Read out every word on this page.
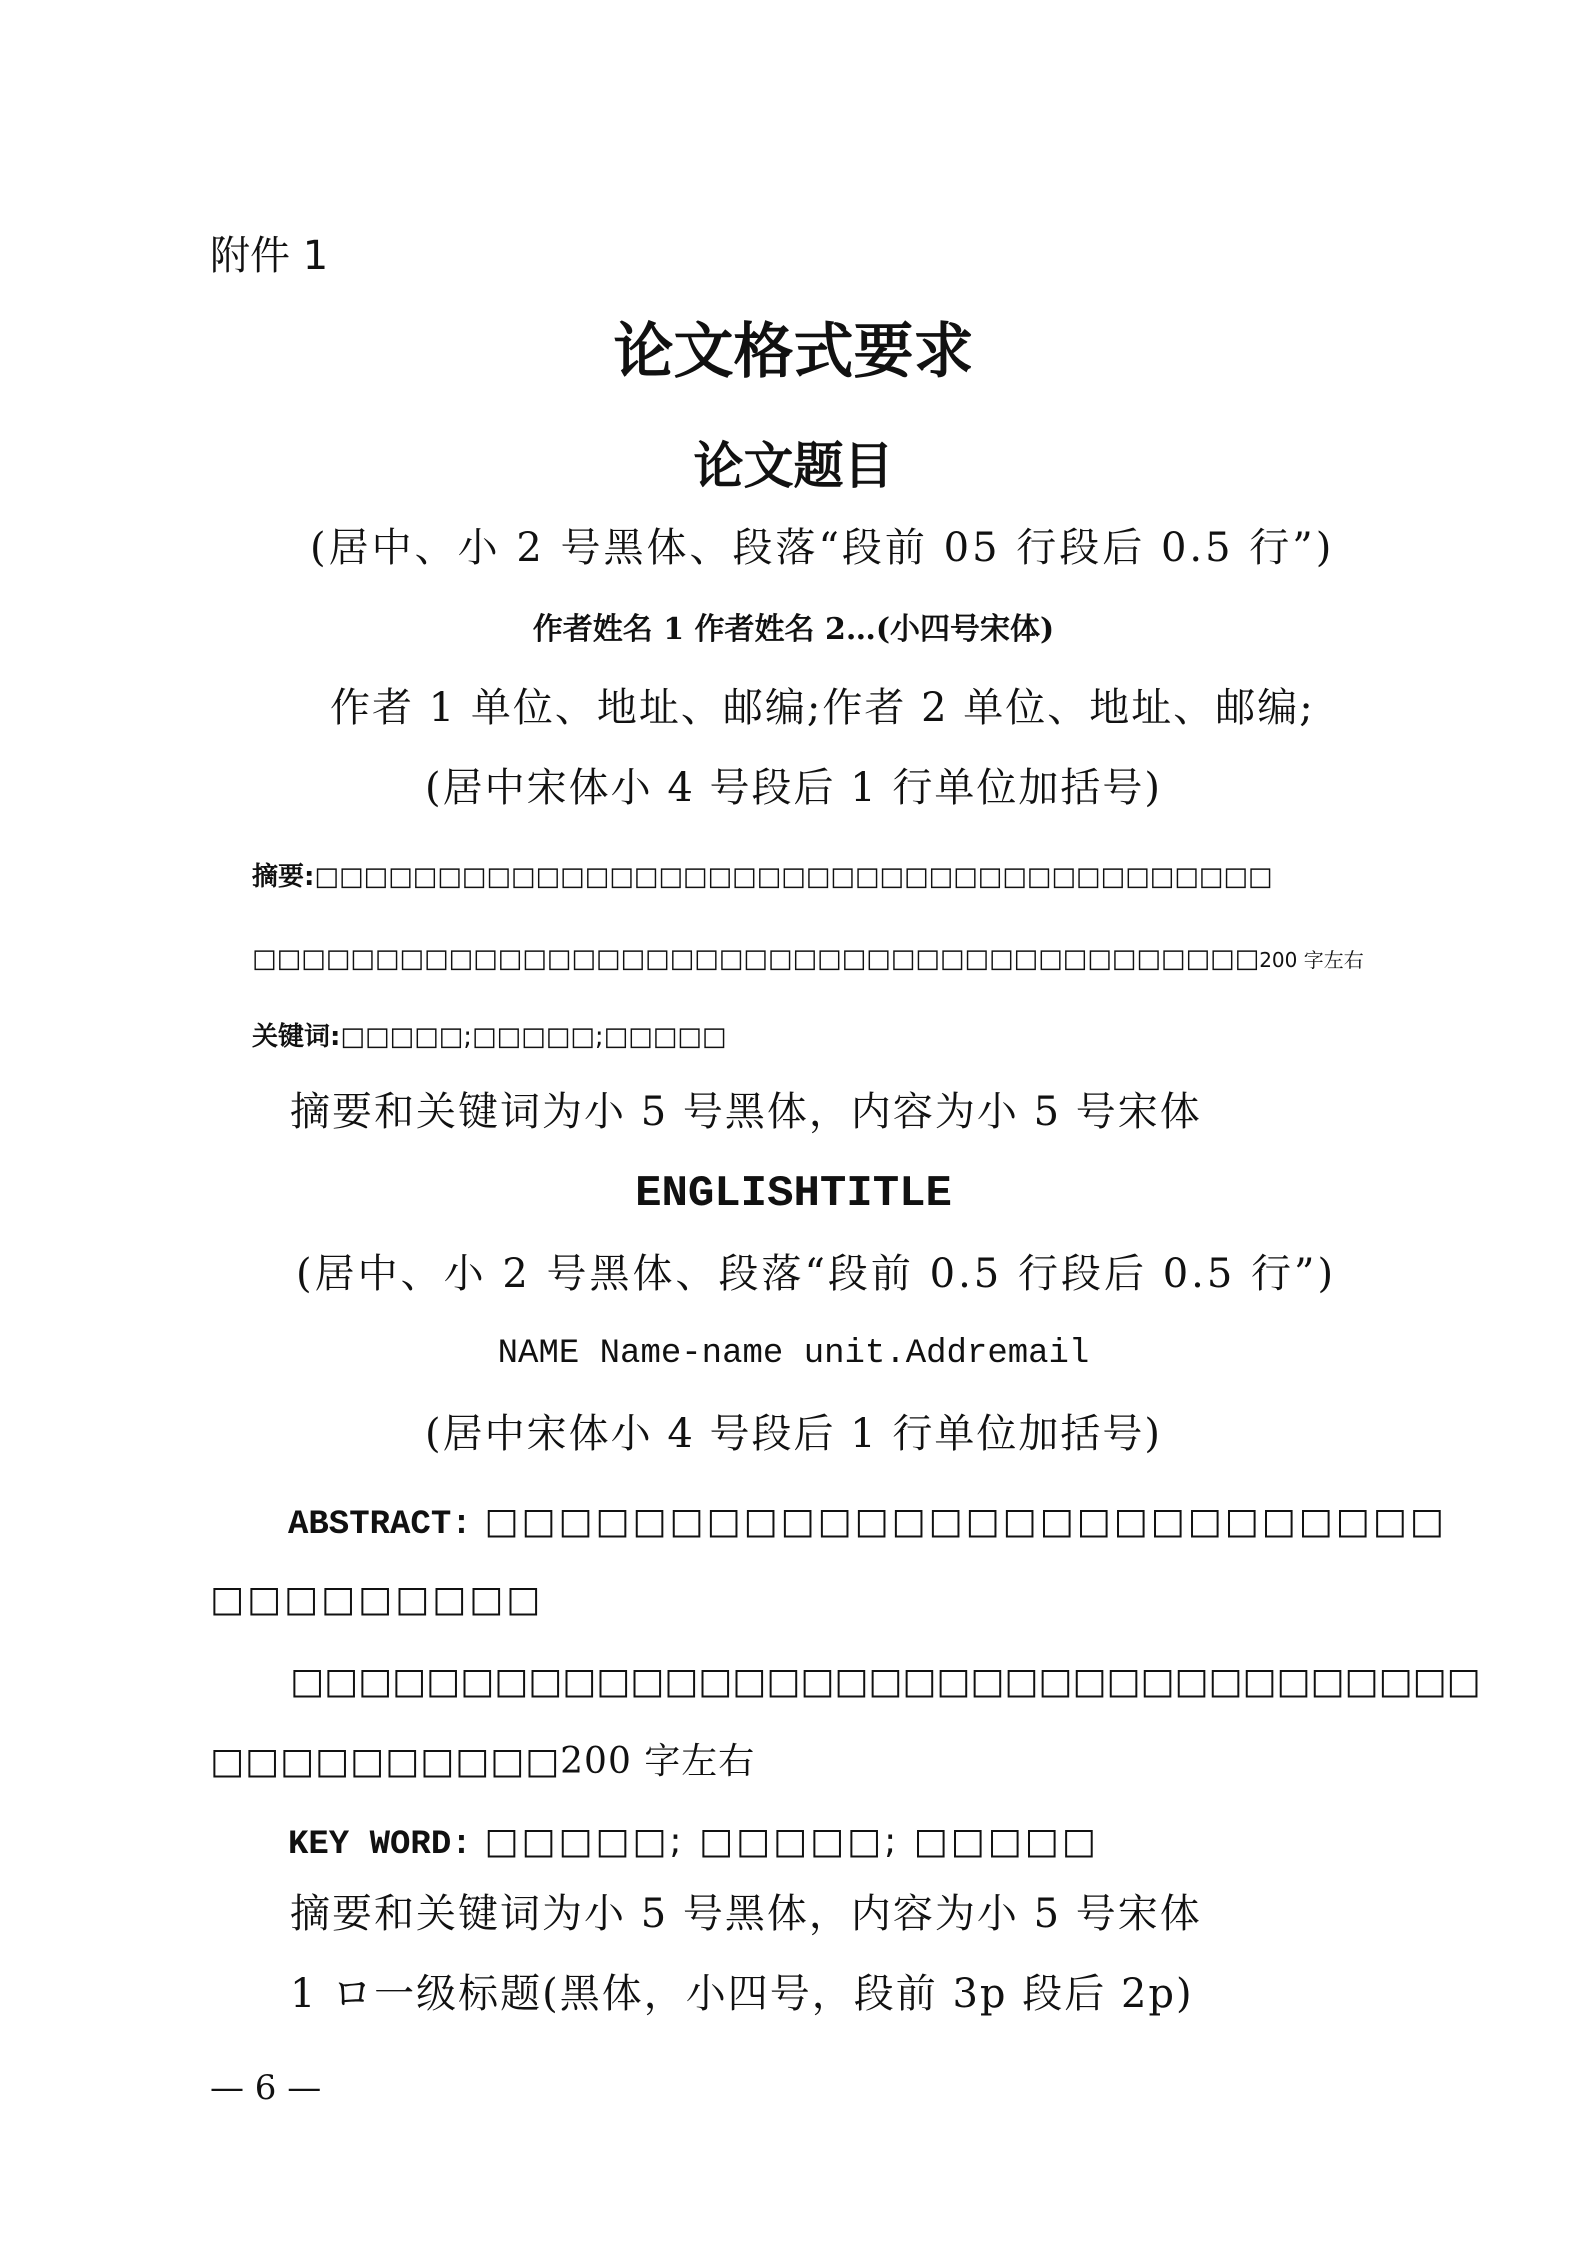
附件 1
论文格式要求
论文题目
(居中、小 2 号黑体、段落“段前 05 行段后 0.5 行”)
作者姓名 1 作者姓名 2…(小四号宋体)
作者 1 单位、地址、邮编;作者 2 单位、地址、邮编;
(居中宋体小 4 号段后 1 行单位加括号)
摘要:□□□□□□□□□□□□□□□□□□□□□□□□□□□□□□□□□□□□□□□
□□□□□□□□□□□□□□□□□□□□□□□□□□□□□□□□□□□□□□□□□200 字左右
关键词:□□□□□;□□□□□;□□□□□
摘要和关键词为小 5 号黑体，内容为小 5 号宋体
ENGLISHTITLE
(居中、小 2 号黑体、段落“段前 0.5 行段后 0.5 行”)
NAME Name-name unit.Addremail
(居中宋体小 4 号段后 1 行单位加括号)
ABSTRACT: □□□□□□□□□□□□□□□□□□□□□□□□□□
□□□□□□□□□
□□□□□□□□□□□□□□□□□□□□□□□□□□□□□□□□□□□
□□□□□□□□□□200 字左右
KEY WORD: □□□□□; □□□□□; □□□□□
摘要和关键词为小 5 号黑体，内容为小 5 号宋体
1 ロ一级标题(黑体，小四号，段前 3p 段后 2p)
— 6 —
